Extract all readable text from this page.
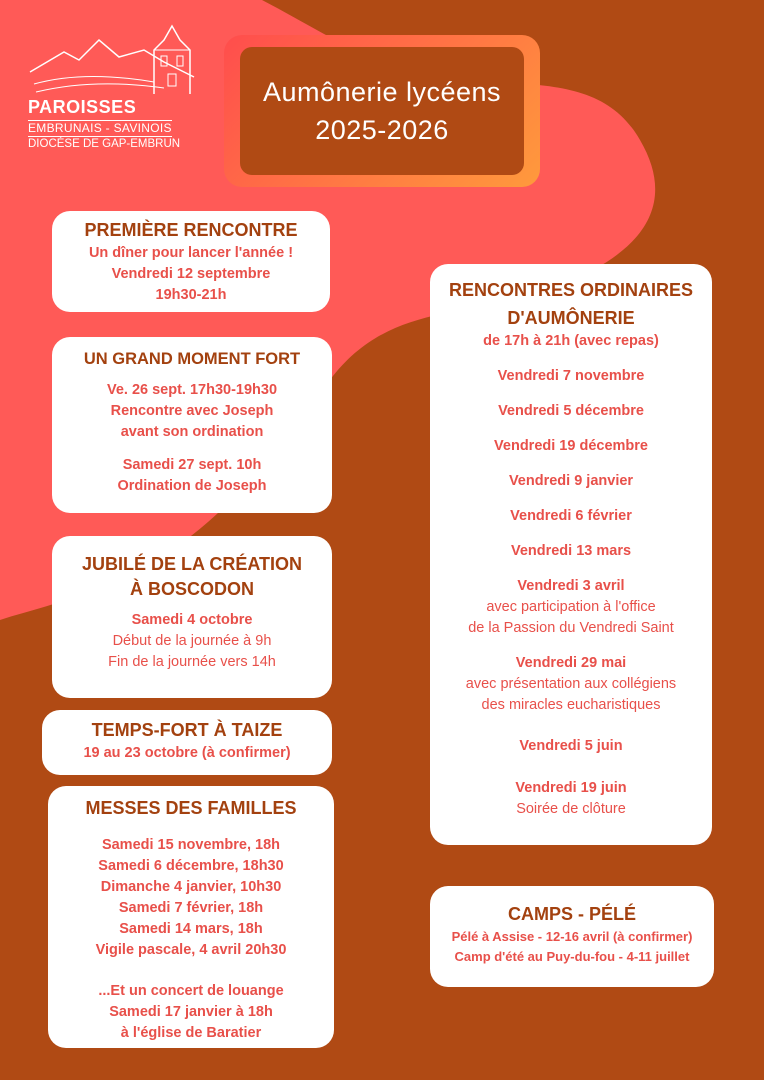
PAROISSES
EMBRUNAIS - SAVINOIS
DIOCÈSE DE GAP-EMBRUN
Aumônerie lycéens
2025-2026
PREMIÈRE RENCONTRE
Un dîner pour lancer l'année !
Vendredi 12 septembre
19h30-21h
UN GRAND MOMENT FORT
Ve. 26 sept. 17h30-19h30
Rencontre avec Joseph
avant son ordination
Samedi 27 sept. 10h
Ordination de Joseph
JUBILÉ DE LA CRÉATION
À BOSCODON
Samedi 4 octobre
Début de la journée à 9h
Fin de la journée vers 14h
TEMPS-FORT À TAIZE
19 au 23 octobre (à confirmer)
MESSES DES FAMILLES
Samedi 15 novembre, 18h
Samedi 6 décembre, 18h30
Dimanche 4 janvier, 10h30
Samedi 7 février, 18h
Samedi 14 mars, 18h
Vigile pascale, 4 avril 20h30
...Et un concert de louange
Samedi 17 janvier à 18h
à l'église de Baratier
RENCONTRES ORDINAIRES
D'AUMÔNERIE
de 17h à 21h (avec repas)
Vendredi 7 novembre
Vendredi 5 décembre
Vendredi 19 décembre
Vendredi 9 janvier
Vendredi 6 février
Vendredi 13 mars
Vendredi 3 avril
avec participation à l'office
de la Passion du Vendredi Saint
Vendredi 29 mai
avec présentation aux collégiens
des miracles eucharistiques
Vendredi 5 juin
Vendredi 19 juin
Soirée de clôture
CAMPS - PÉLÉ
Pélé à Assise - 12-16 avril (à confirmer)
Camp d'été au Puy-du-fou - 4-11 juillet
